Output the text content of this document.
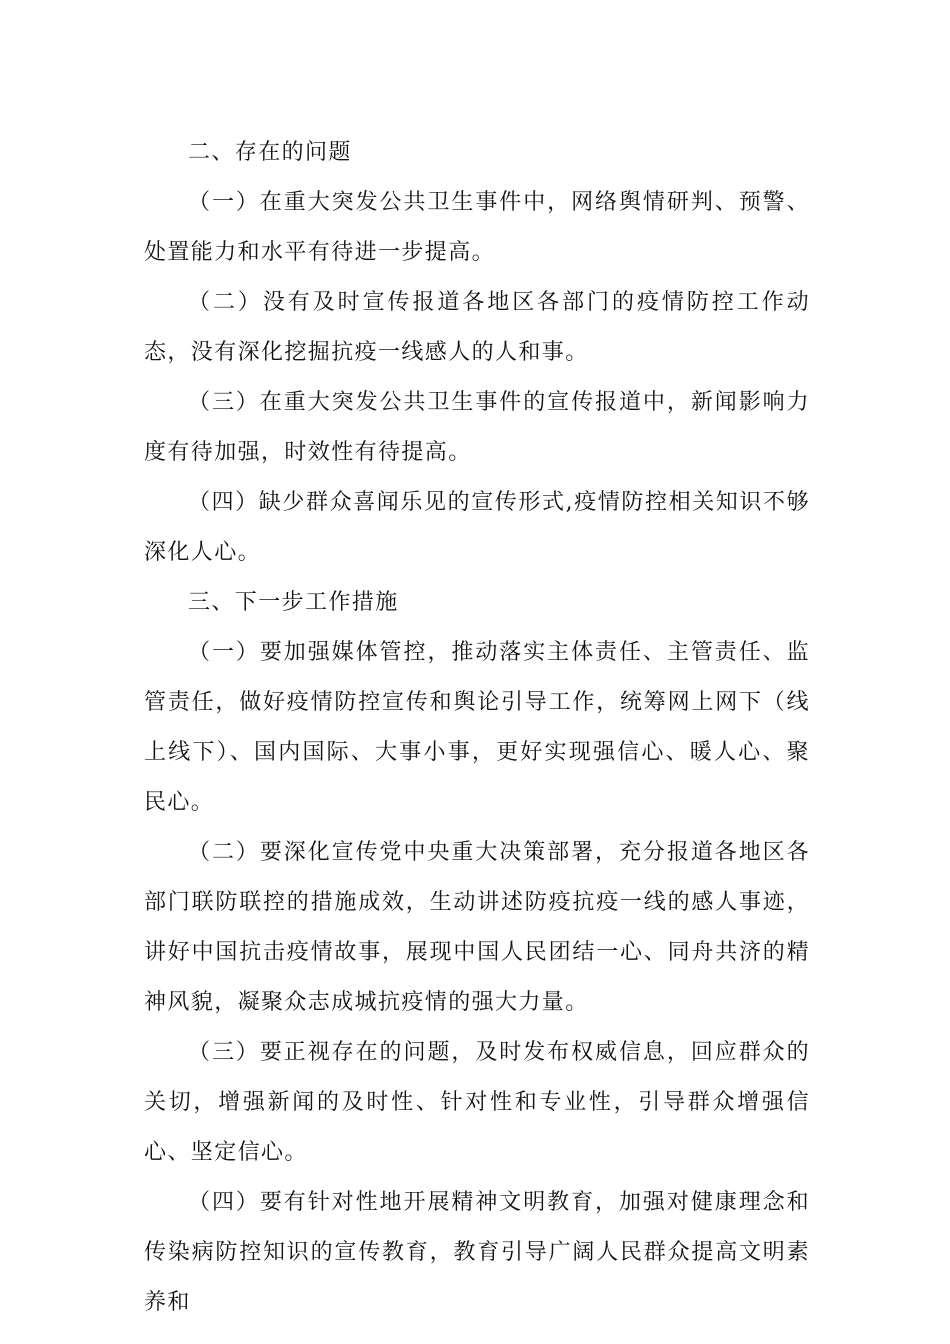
二、存在的问题

（一）在重大突发公共卫生事件中，网络舆情研判、预警、处置能力和水平有待进一步提高。

（二）没有及时宣传报道各地区各部门的疫情防控工作动态，没有深化挖掘抗疫一线感人的人和事。

（三）在重大突发公共卫生事件的宣传报道中，新闻影响力度有待加强，时效性有待提高。

（四）缺少群众喜闻乐见的宣传形式,疫情防控相关知识不够深化人心。

三、下一步工作措施

（一）要加强媒体管控，推动落实主体责任、主管责任、监管责任，做好疫情防控宣传和舆论引导工作，统筹网上网下（线上线下）、国内国际、大事小事，更好实现强信心、暖人心、聚民心。

（二）要深化宣传党中央重大决策部署，充分报道各地区各部门联防联控的措施成效，生动讲述防疫抗疫一线的感人事迹，讲好中国抗击疫情故事，展现中国人民团结一心、同舟共济的精神风貌，凝聚众志成城抗疫情的强大力量。

（三）要正视存在的问题，及时发布权威信息，回应群众的关切，增强新闻的及时性、针对性和专业性，引导群众增强信心、坚定信心。

（四）要有针对性地开展精神文明教育，加强对健康理念和传染病防控知识的宣传教育，教育引导广阔人民群众提高文明素养和
